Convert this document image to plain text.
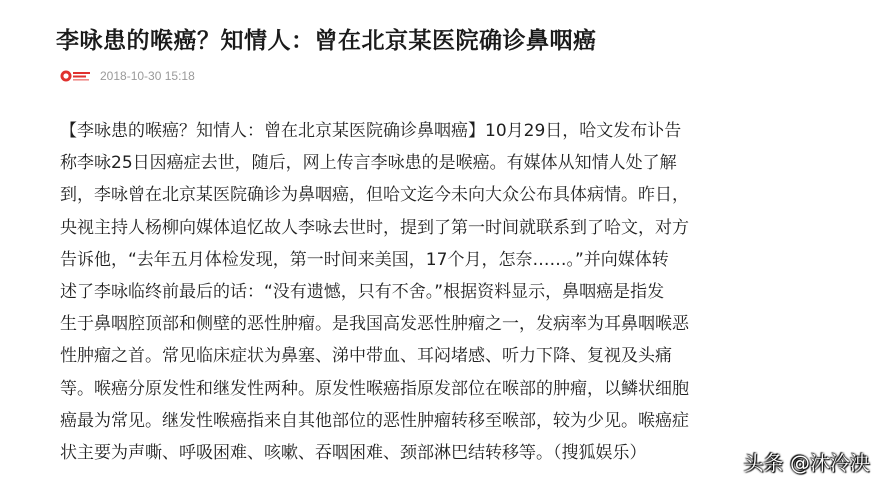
李咏患的喉癌？知情人：曾在北京某医院确诊鼻咽癌
2018-10-30 15:18
【李咏患的喉癌？知情人：曾在北京某医院确诊鼻咽癌】10月29日，哈文发布讣告
称李咏25日因癌症去世，随后，网上传言李咏患的是喉癌。有媒体从知情人处了解
到，李咏曾在北京某医院确诊为鼻咽癌，但哈文迄今未向大众公布具体病情。昨日，
央视主持人杨柳向媒体追忆故人李咏去世时，提到了第一时间就联系到了哈文，对方
告诉他，“去年五月体检发现，第一时间来美国，17个月，怎奈……。”并向媒体转
述了李咏临终前最后的话：“没有遗憾，只有不舍。”根据资料显示，鼻咽癌是指发
生于鼻咽腔顶部和侧壁的恶性肿瘤。是我国高发恶性肿瘤之一，发病率为耳鼻咽喉恶
性肿瘤之首。常见临床症状为鼻塞、涕中带血、耳闷堵感、听力下降、复视及头痛
等。喉癌分原发性和继发性两种。原发性喉癌指原发部位在喉部的肿瘤，以鳞状细胞
癌最为常见。继发性喉癌指来自其他部位的恶性肿瘤转移至喉部，较为少见。喉癌症
状主要为声嘶、呼吸困难、咳嗽、吞咽困难、颈部淋巴结转移等。（搜狐娱乐）	头条 @沐泠泱
